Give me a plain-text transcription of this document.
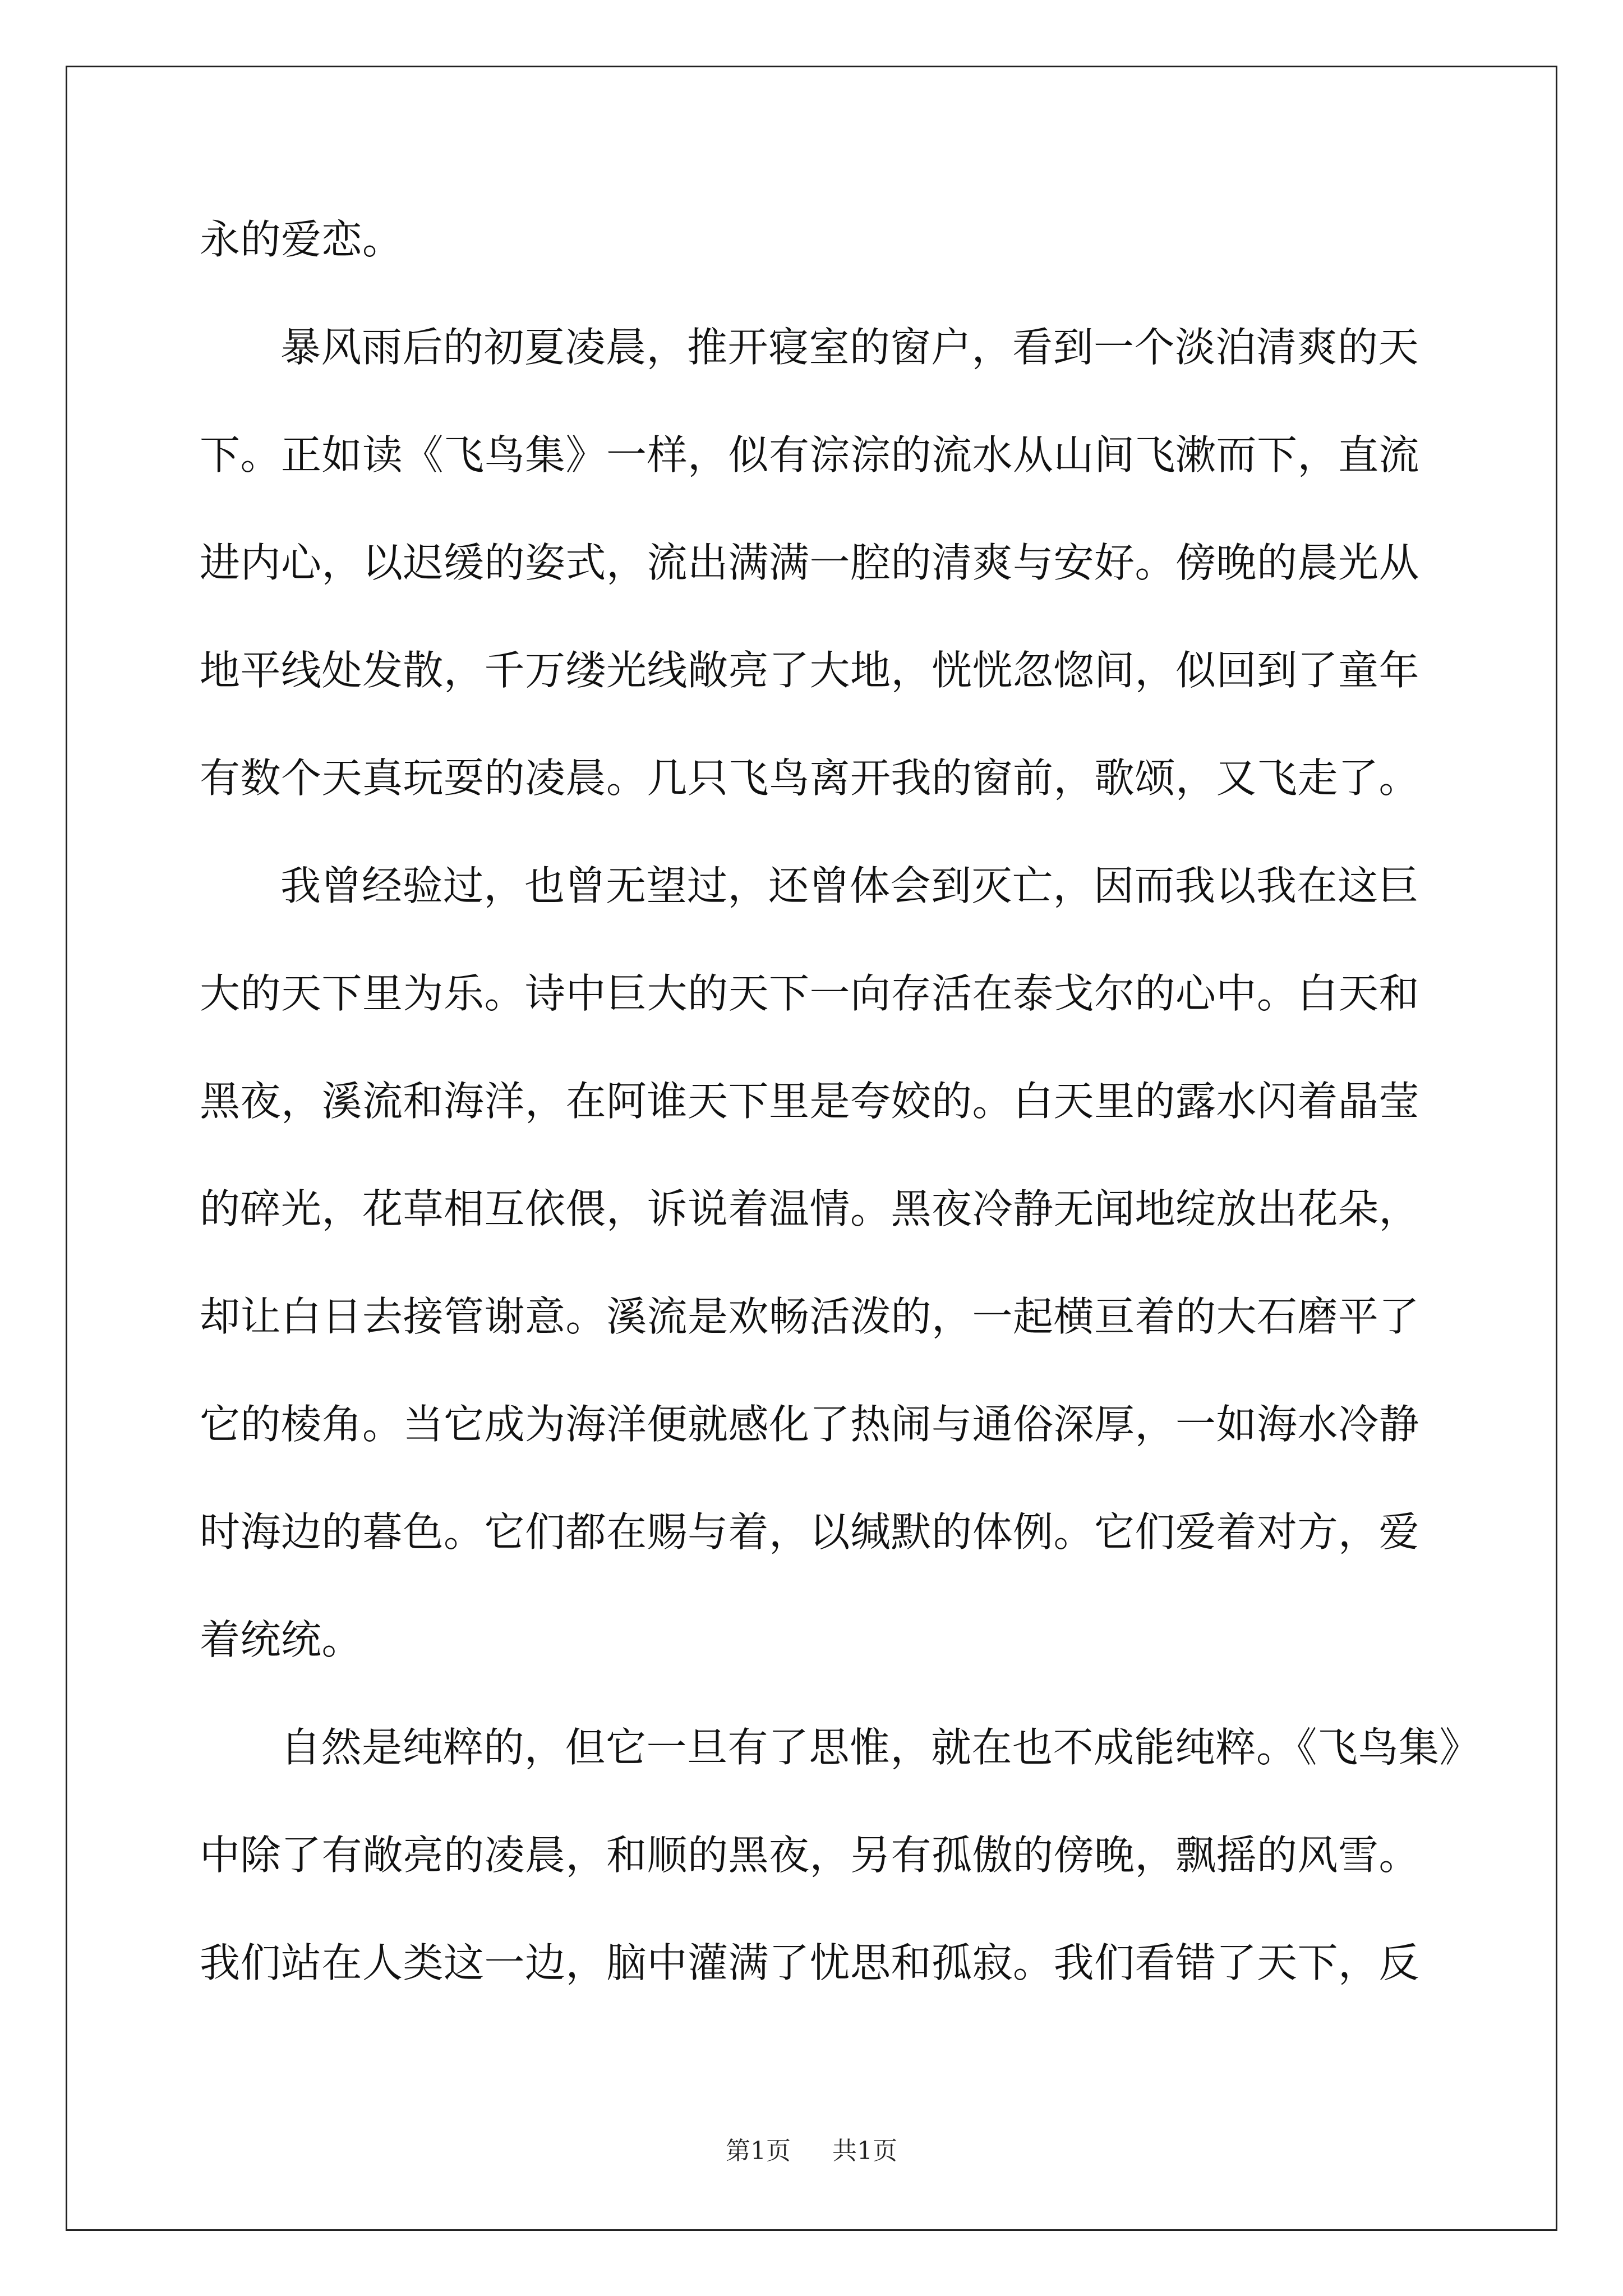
永的爱恋。
暴风雨后的初夏凌晨，推开寝室的窗户，看到一个淡泊清爽的天
下。正如读《飞鸟集》一样，似有淙淙的流水从山间飞漱而下，直流
进内心，以迟缓的姿式，流出满满一腔的清爽与安好。傍晚的晨光从
地平线处发散，千万缕光线敞亮了大地，恍恍忽惚间，似回到了童年
有数个天真玩耍的凌晨。几只飞鸟离开我的窗前，歌颂，又飞走了。
我曾经验过，也曾无望过，还曾体会到灭亡，因而我以我在这巨
大的天下里为乐。诗中巨大的天下一向存活在泰戈尔的心中。白天和
黑夜，溪流和海洋，在阿谁天下里是夸姣的。白天里的露水闪着晶莹
的碎光，花草相互依偎，诉说着温情。黑夜冷静无闻地绽放出花朵，
却让白日去接管谢意。溪流是欢畅活泼的，一起横亘着的大石磨平了
它的棱角。当它成为海洋便就感化了热闹与通俗深厚，一如海水冷静
时海边的暮色。它们都在赐与着，以缄默的体例。它们爱着对方，爱
着统统。
自然是纯粹的，但它一旦有了思惟，就在也不成能纯粹。《飞鸟集》
中除了有敞亮的凌晨，和顺的黑夜，另有孤傲的傍晚，飘摇的风雪。
我们站在人类这一边，脑中灌满了忧思和孤寂。我们看错了天下，反
第1页 共1页
